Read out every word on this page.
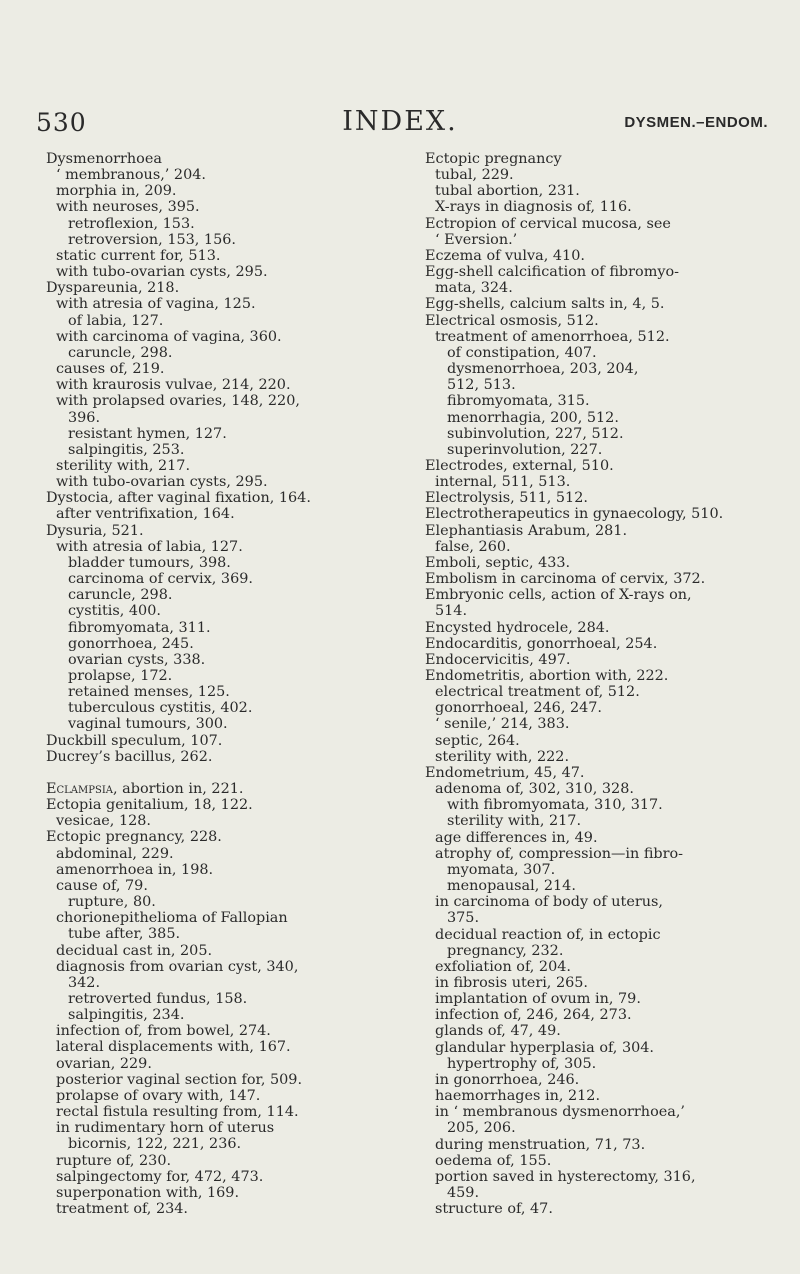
530	INDEX.	DYSMEN.–ENDOM.
Dysmenorrhoea
‘ membranous,’ 204.
morphia in, 209.
with neuroses, 395.
retroflexion, 153.
retroversion, 153, 156.
static current for, 513.
with tubo-ovarian cysts, 295.
Dyspareunia, 218.
with atresia of vagina, 125.
of labia, 127.
with carcinoma of vagina, 360.
caruncle, 298.
causes of, 219.
with kraurosis vulvae, 214, 220.
with prolapsed ovaries, 148, 220,
396.
resistant hymen, 127.
salpingitis, 253.
sterility with, 217.
with tubo-ovarian cysts, 295.
Dystocia, after vaginal fixation, 164.
after ventrifixation, 164.
Dysuria, 521.
with atresia of labia, 127.
bladder tumours, 398.
carcinoma of cervix, 369.
caruncle, 298.
cystitis, 400.
fibromyomata, 311.
gonorrhoea, 245.
ovarian cysts, 338.
prolapse, 172.
retained menses, 125.
tuberculous cystitis, 402.
vaginal tumours, 300.
Duckbill speculum, 107.
Ducrey’s bacillus, 262.
Eclampsia, abortion in, 221.
Ectopia genitalium, 18, 122.
vesicae, 128.
Ectopic pregnancy, 228.
abdominal, 229.
amenorrhoea in, 198.
cause of, 79.
rupture, 80.
chorionepithelioma of Fallopian
tube after, 385.
decidual cast in, 205.
diagnosis from ovarian cyst, 340,
342.
retroverted fundus, 158.
salpingitis, 234.
infection of, from bowel, 274.
lateral displacements with, 167.
ovarian, 229.
posterior vaginal section for, 509.
prolapse of ovary with, 147.
rectal fistula resulting from, 114.
in rudimentary horn of uterus
bicornis, 122, 221, 236.
rupture of, 230.
salpingectomy for, 472, 473.
superponation with, 169.
treatment of, 234.
Ectopic pregnancy
tubal, 229.
tubal abortion, 231.
X-rays in diagnosis of, 116.
Ectropion of cervical mucosa, see
‘ Eversion.’
Eczema of vulva, 410.
Egg-shell calcification of fibromyo-
mata, 324.
Egg-shells, calcium salts in, 4, 5.
Electrical osmosis, 512.
treatment of amenorrhoea, 512.
of constipation, 407.
dysmenorrhoea, 203, 204,
512, 513.
fibromyomata, 315.
menorrhagia, 200, 512.
subinvolution, 227, 512.
superinvolution, 227.
Electrodes, external, 510.
internal, 511, 513.
Electrolysis, 511, 512.
Electrotherapeutics in gynaecology, 510.
Elephantiasis Arabum, 281.
false, 260.
Emboli, septic, 433.
Embolism in carcinoma of cervix, 372.
Embryonic cells, action of X-rays on,
514.
Encysted hydrocele, 284.
Endocarditis, gonorrhoeal, 254.
Endocervicitis, 497.
Endometritis, abortion with, 222.
electrical treatment of, 512.
gonorrhoeal, 246, 247.
‘ senile,’ 214, 383.
septic, 264.
sterility with, 222.
Endometrium, 45, 47.
adenoma of, 302, 310, 328.
with fibromyomata, 310, 317.
sterility with, 217.
age differences in, 49.
atrophy of, compression—in fibro-
myomata, 307.
menopausal, 214.
in carcinoma of body of uterus,
375.
decidual reaction of, in ectopic
pregnancy, 232.
exfoliation of, 204.
in fibrosis uteri, 265.
implantation of ovum in, 79.
infection of, 246, 264, 273.
glands of, 47, 49.
glandular hyperplasia of, 304.
hypertrophy of, 305.
in gonorrhoea, 246.
haemorrhages in, 212.
in ‘ membranous dysmenorrhoea,’
205, 206.
during menstruation, 71, 73.
oedema of, 155.
portion saved in hysterectomy, 316,
459.
structure of, 47.
